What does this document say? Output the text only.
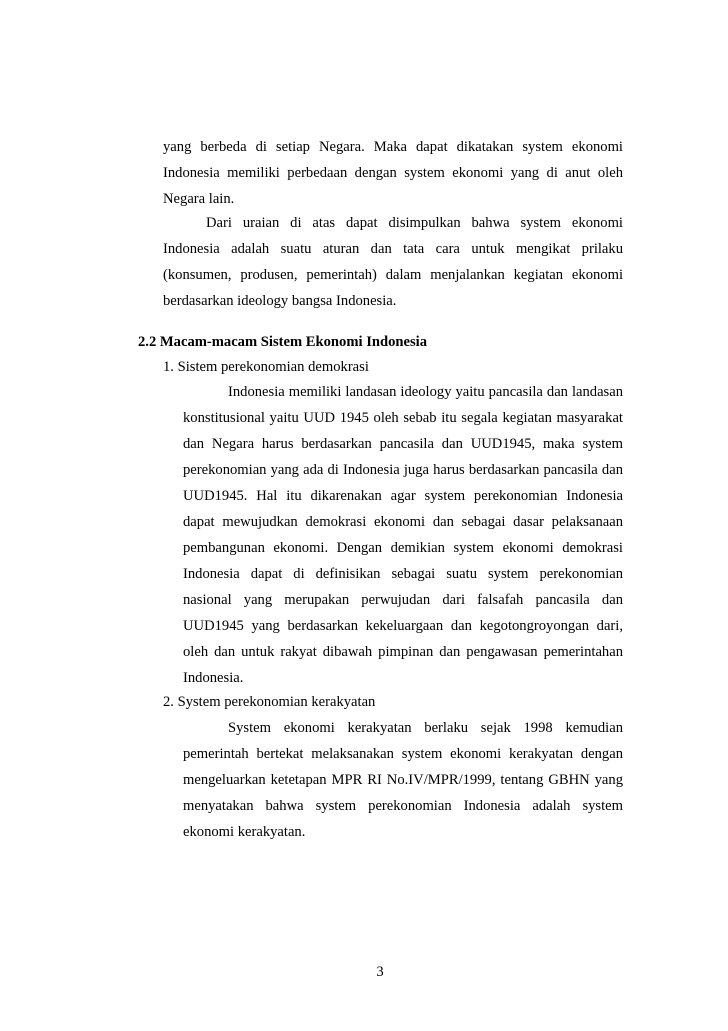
yang berbeda di setiap Negara. Maka dapat dikatakan system ekonomi
Indonesia memiliki perbedaan dengan system ekonomi yang di anut oleh
Negara lain.
Dari uraian di atas dapat disimpulkan bahwa system ekonomi
Indonesia adalah suatu aturan dan tata cara untuk mengikat prilaku
(konsumen, produsen, pemerintah) dalam menjalankan kegiatan ekonomi
berdasarkan ideology bangsa Indonesia.
2.2 Macam-macam Sistem Ekonomi Indonesia
1. Sistem perekonomian demokrasi
Indonesia memiliki landasan ideology yaitu pancasila dan landasan
konstitusional yaitu UUD 1945 oleh sebab itu segala kegiatan masyarakat
dan Negara harus berdasarkan pancasila dan UUD1945, maka system
perekonomian yang ada di Indonesia juga harus berdasarkan pancasila dan
UUD1945. Hal itu dikarenakan agar system perekonomian Indonesia
dapat mewujudkan demokrasi ekonomi dan sebagai dasar pelaksanaan
pembangunan ekonomi. Dengan demikian system ekonomi demokrasi
Indonesia dapat di definisikan sebagai suatu system perekonomian
nasional yang merupakan perwujudan dari falsafah pancasila dan
UUD1945 yang berdasarkan kekeluargaan dan kegotongroyongan dari,
oleh dan untuk rakyat dibawah pimpinan dan pengawasan pemerintahan
Indonesia.
2. System perekonomian kerakyatan
System ekonomi kerakyatan berlaku sejak 1998 kemudian
pemerintah bertekat melaksanakan system ekonomi kerakyatan dengan
mengeluarkan ketetapan MPR RI No.IV/MPR/1999, tentang GBHN yang
menyatakan bahwa system perekonomian Indonesia adalah system
ekonomi kerakyatan.
3
